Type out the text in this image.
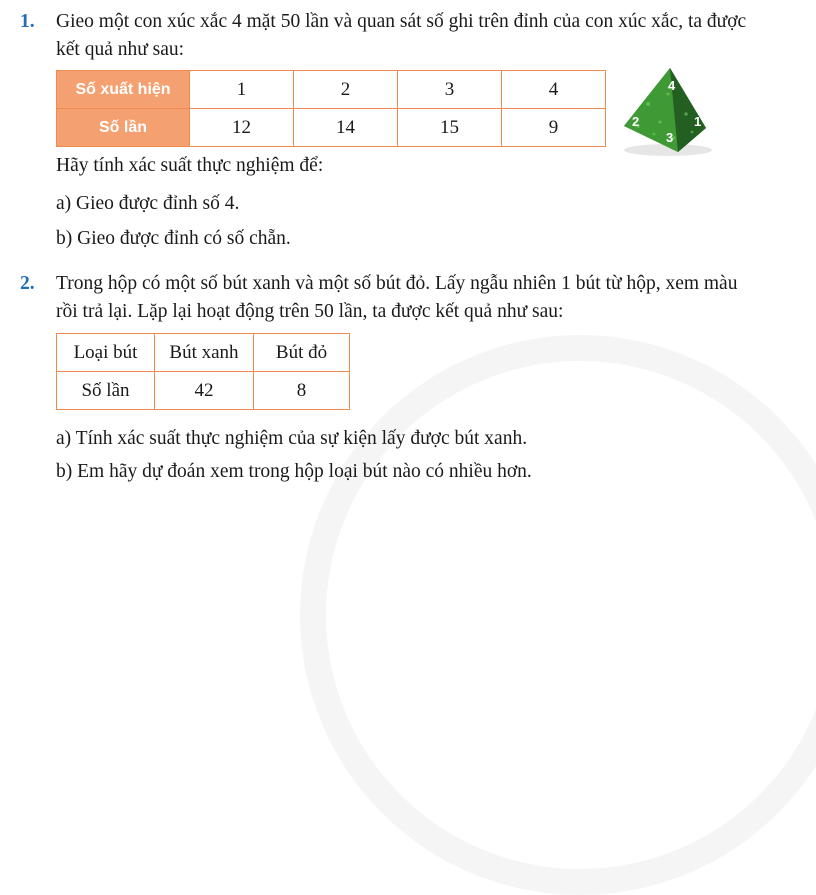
1. Gieo một con xúc xắc 4 mặt 50 lần và quan sát số ghi trên đỉnh của con xúc xắc, ta được
kết quả như sau:
Số xuất hiện	1	2	3	4
Số lần	12	14	15	9
4
2
3
1
Hãy tính xác suất thực nghiệm để:
a) Gieo được đỉnh số 4.
b) Gieo được đỉnh có số chẵn.
2. Trong hộp có một số bút xanh và một số bút đỏ. Lấy ngẫu nhiên 1 bút từ hộp, xem màu
rồi trả lại. Lặp lại hoạt động trên 50 lần, ta được kết quả như sau:
Loại bút	Bút xanh	Bút đỏ
Số lần	42	8
a) Tính xác suất thực nghiệm của sự kiện lấy được bút xanh.
b) Em hãy dự đoán xem trong hộp loại bút nào có nhiều hơn.
